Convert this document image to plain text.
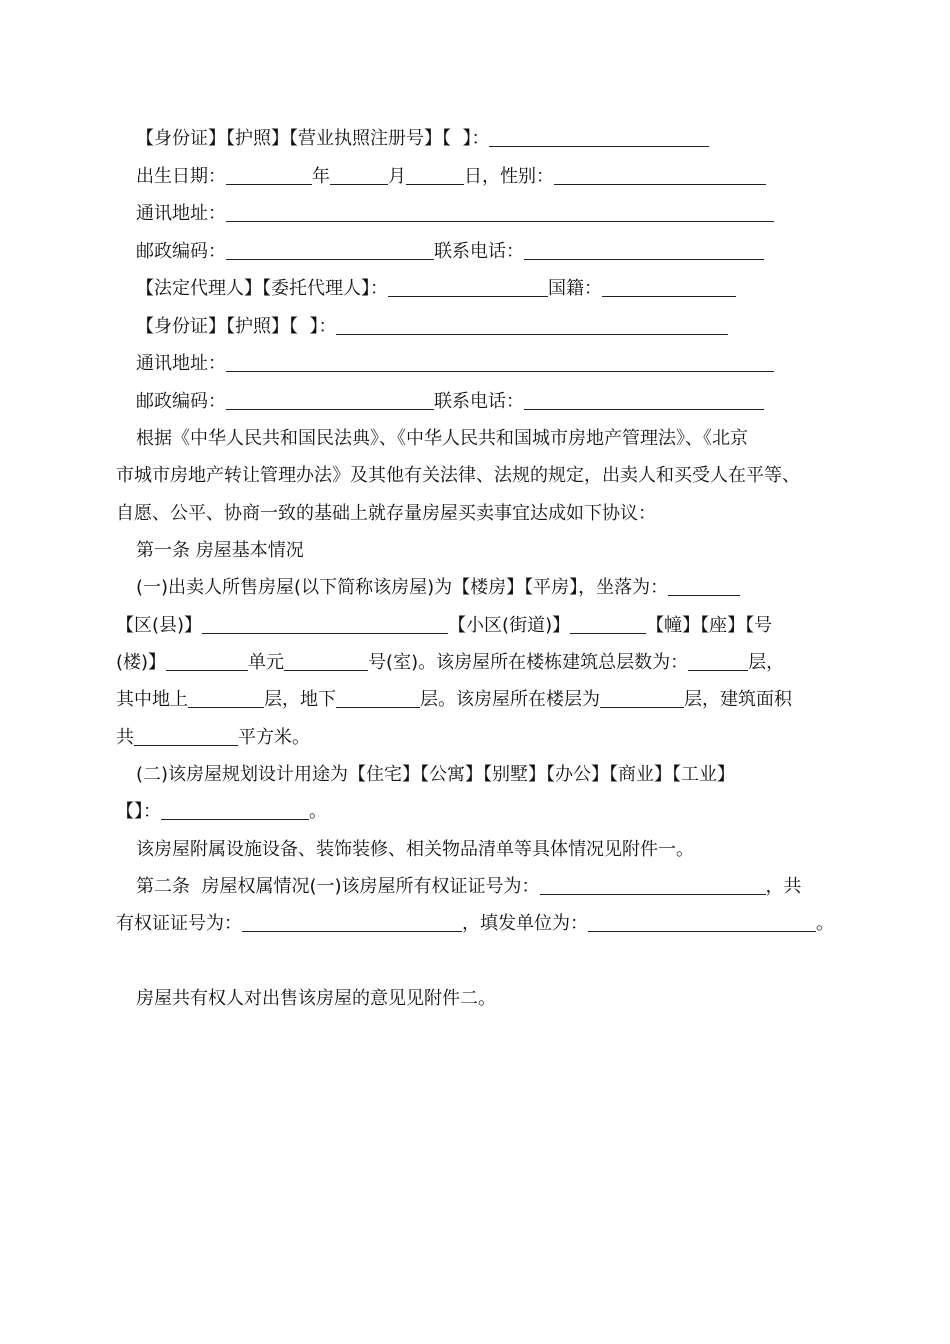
【身份证】【护照】【营业执照注册号】【  】：
出生日期：	年	月	日，性别：
通讯地址：
邮政编码：	联系电话：
【法定代理人】【委托代理人】：	国籍：
【身份证】【护照】【  】：
通讯地址：
邮政编码：	联系电话：
根据《中华人民共和国民法典》、《中华人民共和国城市房地产管理法》、《北京
市城市房地产转让管理办法》及其他有关法律、法规的规定，出卖人和买受人在平等、
自愿、公平、协商一致的基础上就存量房屋买卖事宜达成如下协议：
第一条 房屋基本情况
(一)出卖人所售房屋(以下简称该房屋)为【楼房】【平房】，坐落为：
【区(县)】	【小区(街道)】	【幢】【座】【号
(楼)】	单元	号(室)。该房屋所在楼栋建筑总层数为：	层，
其中地上	层，地下	层。该房屋所在楼层为	层，建筑面积
共	平方米。
(二)该房屋规划设计用途为【住宅】【公寓】【别墅】【办公】【商业】【工业】
【】：	。
该房屋附属设施设备、装饰装修、相关物品清单等具体情况见附件一。
第二条  房屋权属情况(一)该房屋所有权证证号为：	，共
有权证证号为：	，填发单位为：	。
房屋共有权人对出售该房屋的意见见附件二。
